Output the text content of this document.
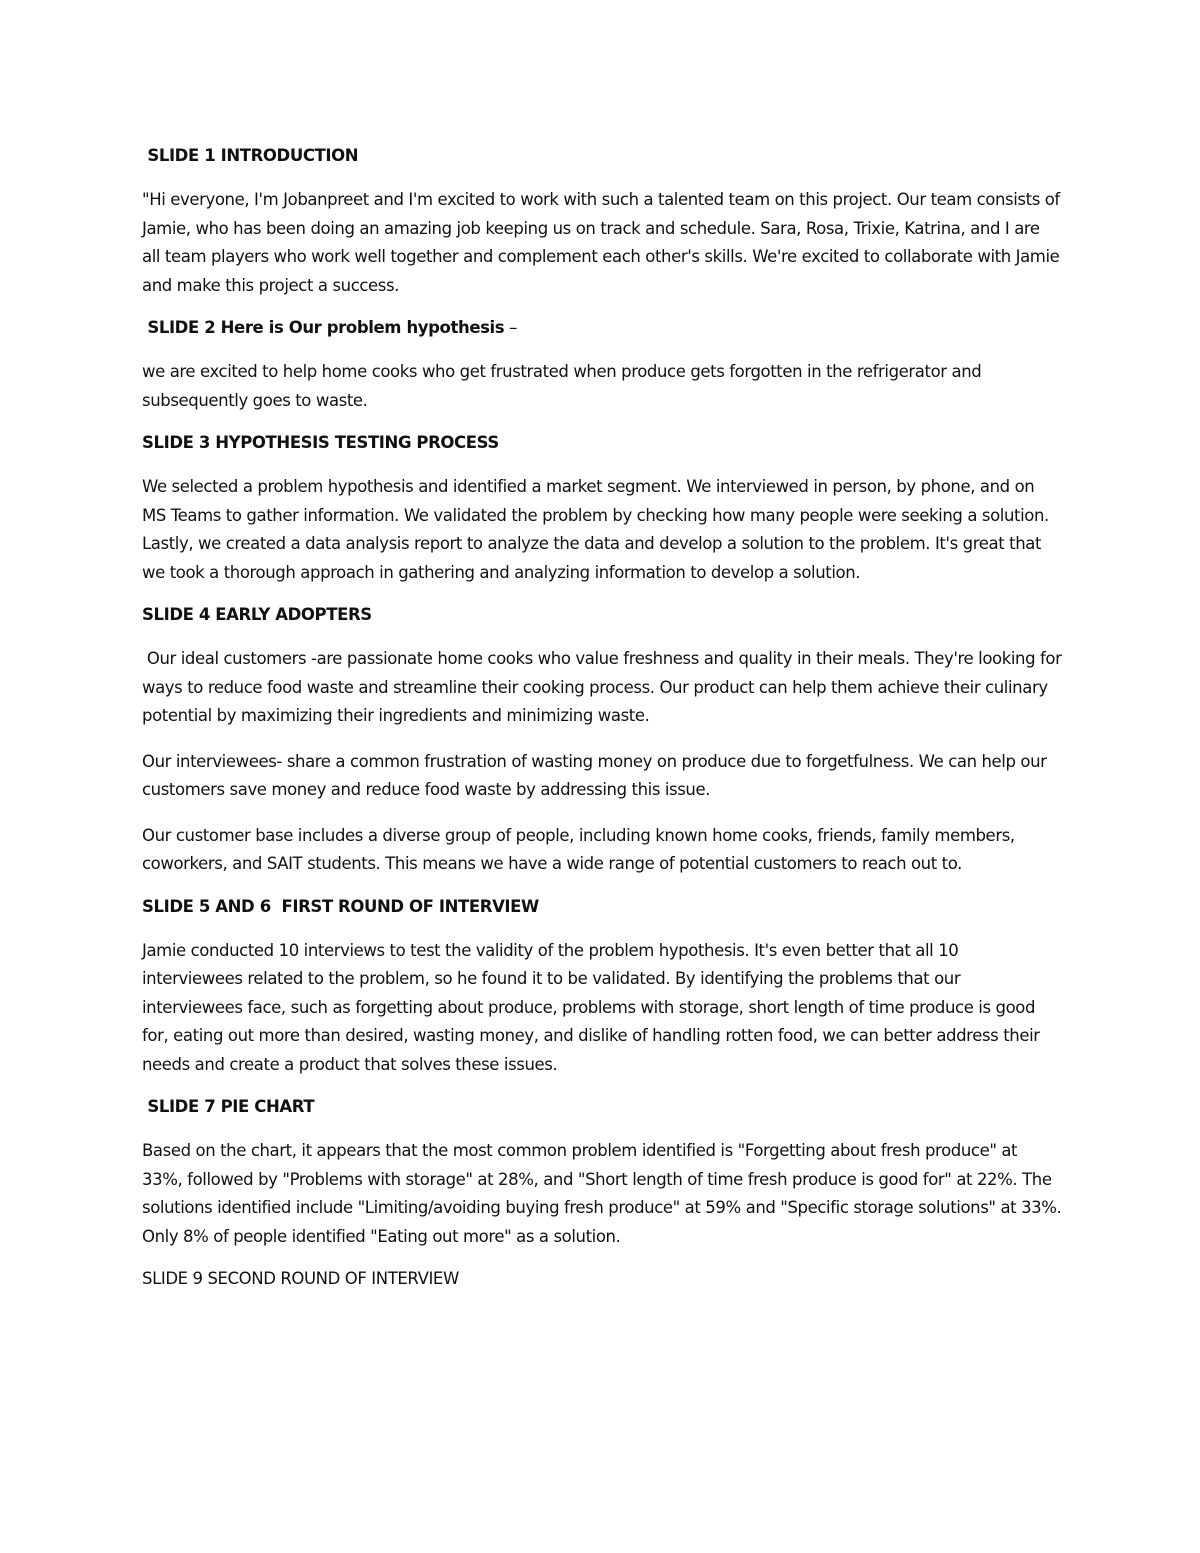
SLIDE 1 INTRODUCTION
"Hi everyone, I'm Jobanpreet and I'm excited to work with such a talented team on this project. Our team consists of Jamie, who has been doing an amazing job keeping us on track and schedule. Sara, Rosa, Trixie, Katrina, and I are all team players who work well together and complement each other's skills. We're excited to collaborate with Jamie and make this project a success.
SLIDE 2 Here is Our problem hypothesis –
we are excited to help home cooks who get frustrated when produce gets forgotten in the refrigerator and subsequently goes to waste.
SLIDE 3 HYPOTHESIS TESTING PROCESS
We selected a problem hypothesis and identified a market segment. We interviewed in person, by phone, and on MS Teams to gather information. We validated the problem by checking how many people were seeking a solution. Lastly, we created a data analysis report to analyze the data and develop a solution to the problem. It's great that we took a thorough approach in gathering and analyzing information to develop a solution.
SLIDE 4 EARLY ADOPTERS
Our ideal customers -are passionate home cooks who value freshness and quality in their meals. They're looking for ways to reduce food waste and streamline their cooking process. Our product can help them achieve their culinary potential by maximizing their ingredients and minimizing waste.
Our interviewees- share a common frustration of wasting money on produce due to forgetfulness. We can help our customers save money and reduce food waste by addressing this issue.
Our customer base includes a diverse group of people, including known home cooks, friends, family members, coworkers, and SAIT students. This means we have a wide range of potential customers to reach out to.
SLIDE 5 AND 6  FIRST ROUND OF INTERVIEW
Jamie conducted 10 interviews to test the validity of the problem hypothesis. It's even better that all 10 interviewees related to the problem, so he found it to be validated. By identifying the problems that our interviewees face, such as forgetting about produce, problems with storage, short length of time produce is good for, eating out more than desired, wasting money, and dislike of handling rotten food, we can better address their needs and create a product that solves these issues.
SLIDE 7 PIE CHART
Based on the chart, it appears that the most common problem identified is "Forgetting about fresh produce" at 33%, followed by "Problems with storage" at 28%, and "Short length of time fresh produce is good for" at 22%. The solutions identified include "Limiting/avoiding buying fresh produce" at 59% and "Specific storage solutions" at 33%. Only 8% of people identified "Eating out more" as a solution.
SLIDE 9 SECOND ROUND OF INTERVIEW
